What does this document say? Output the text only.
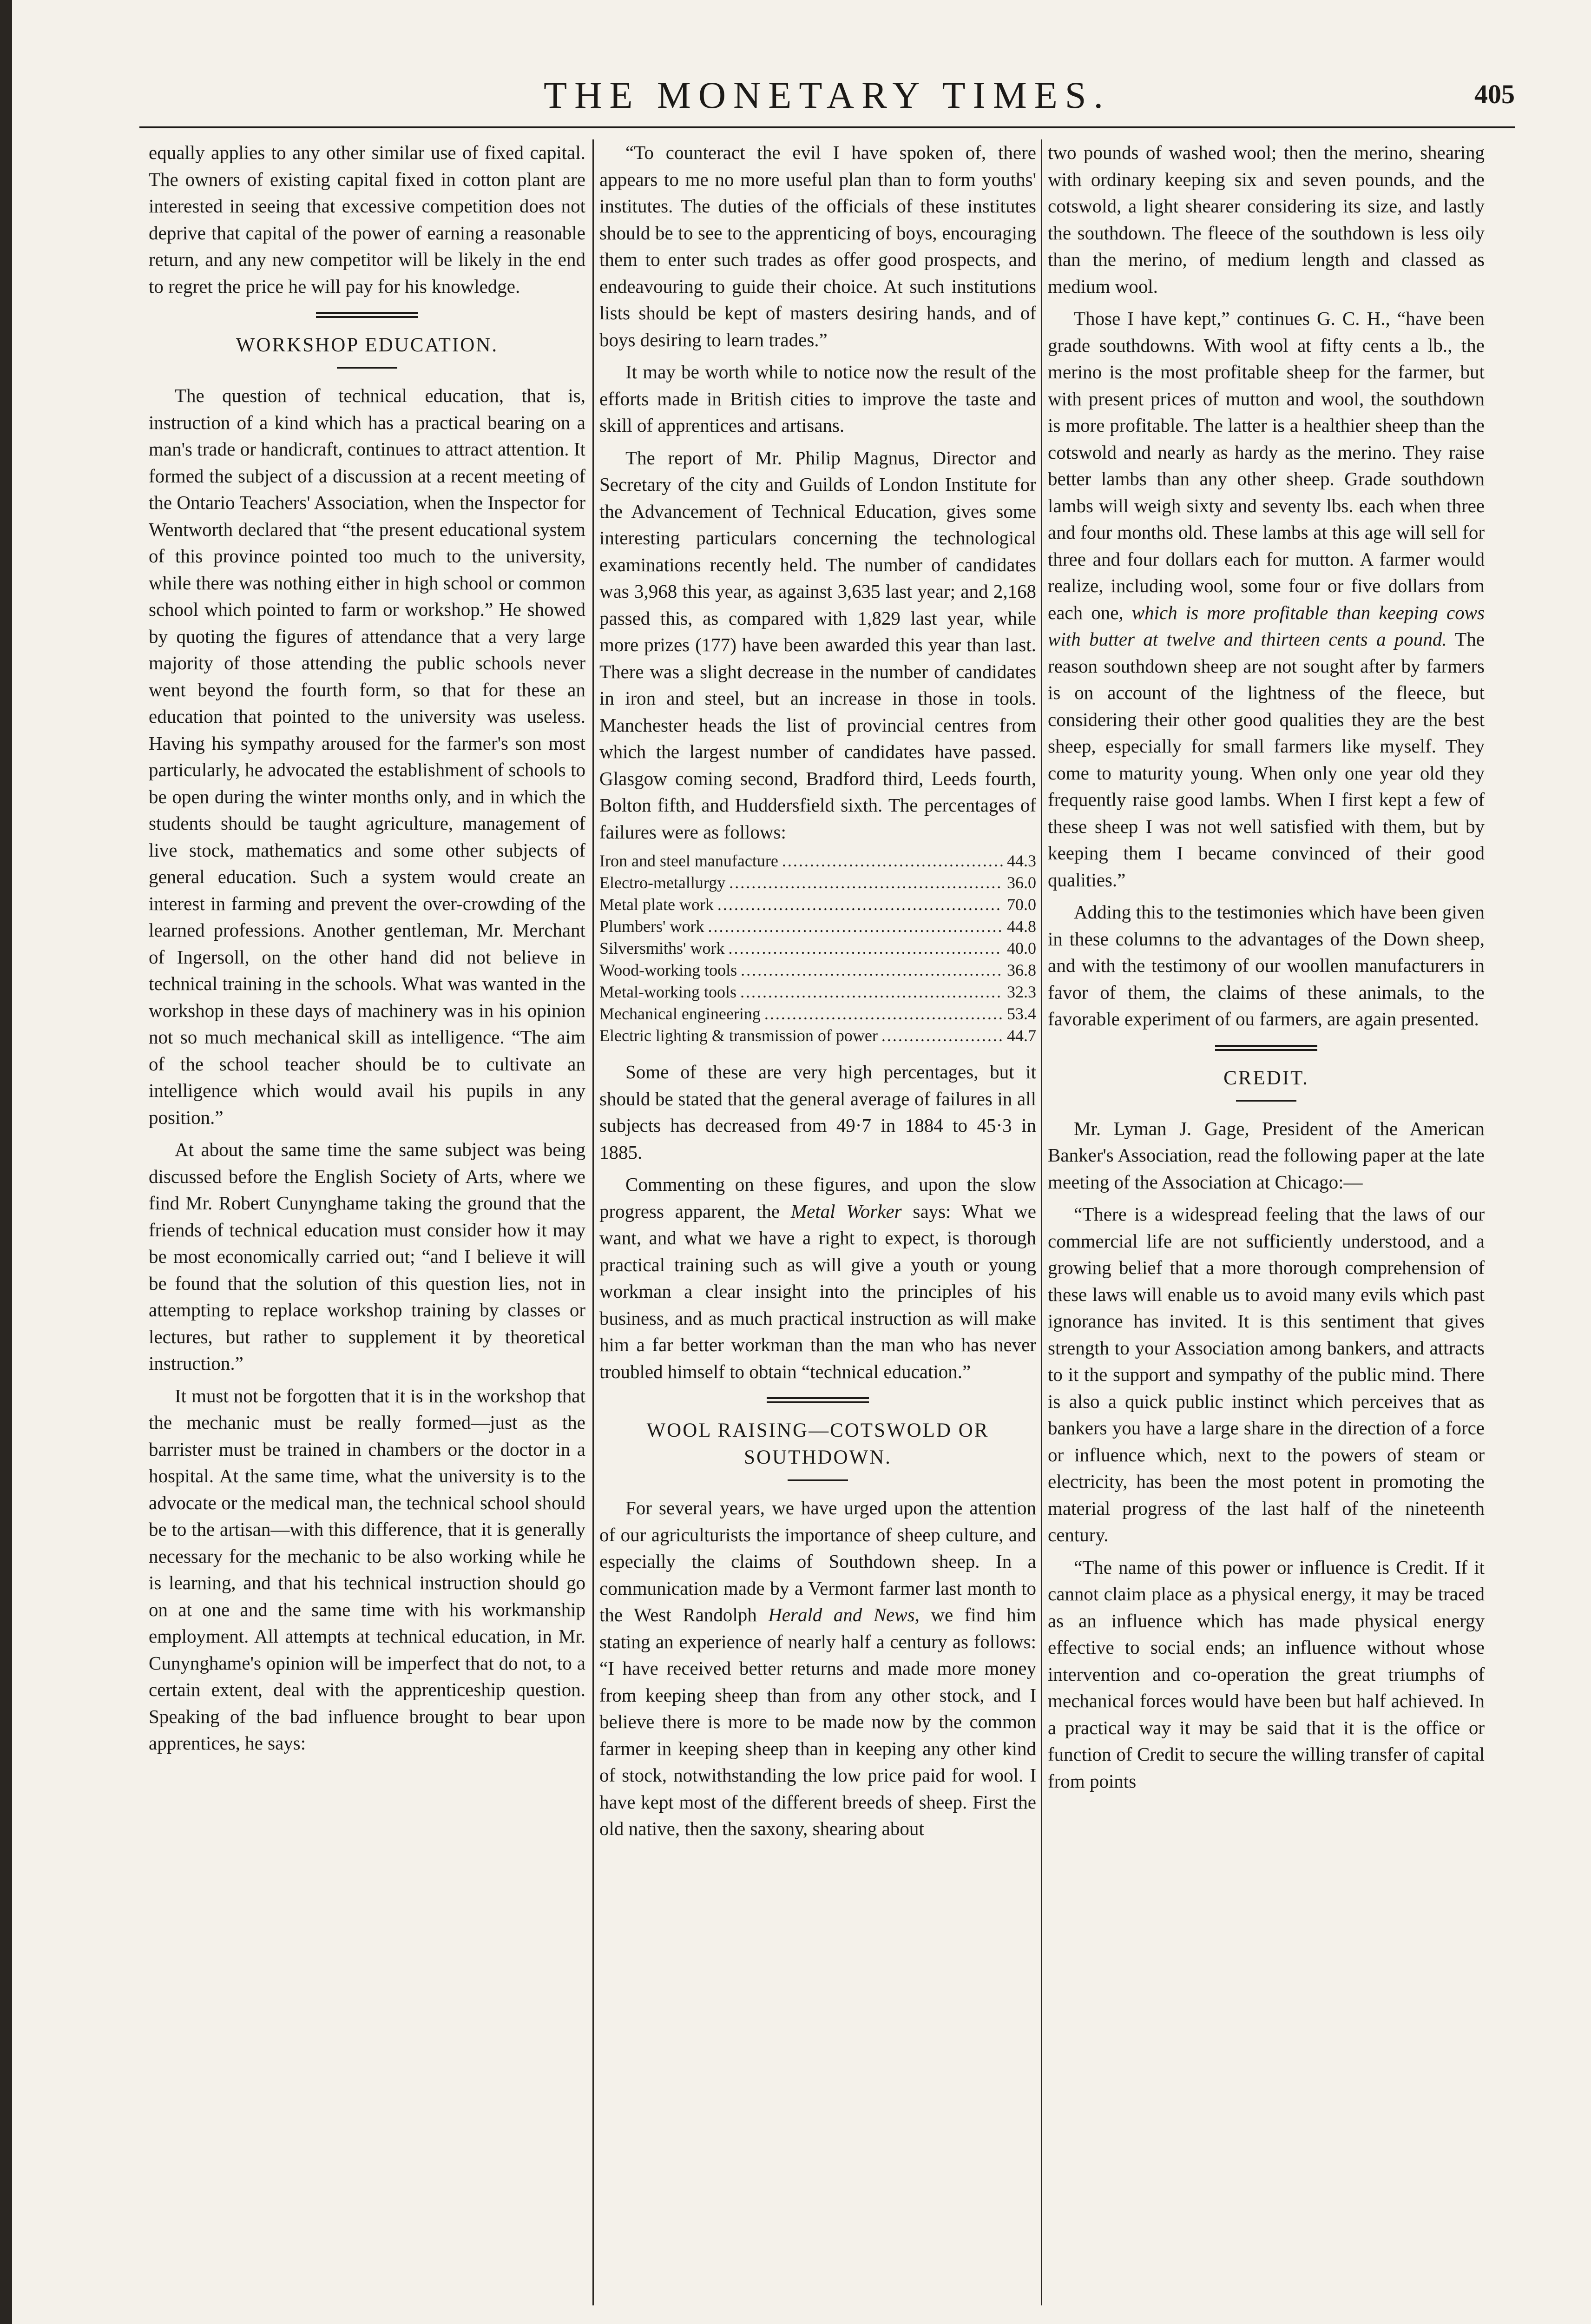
THE MONETARY TIMES.	405

equally applies to any other similar use of fixed capital. The owners of existing capital fixed in cotton plant are interested in seeing that excessive competition does not deprive that capital of the power of earning a reasonable return, and any new competitor will be likely in the end to regret the price he will pay for his knowledge.

WORKSHOP EDUCATION.

The question of technical education, that is, instruction of a kind which has a practical bearing on a man's trade or handicraft, continues to attract attention. It formed the subject of a discussion at a recent meeting of the Ontario Teachers' Association, when the Inspector for Wentworth declared that “the present educational system of this province pointed too much to the university, while there was nothing either in high school or common school which pointed to farm or workshop.” He showed by quoting the figures of attendance that a very large majority of those attending the public schools never went beyond the fourth form, so that for these an education that pointed to the university was useless. Having his sympathy aroused for the farmer's son most particularly, he advocated the establishment of schools to be open during the winter months only, and in which the students should be taught agriculture, management of live stock, mathematics and some other subjects of general education. Such a system would create an interest in farming and prevent the over-crowding of the learned professions. Another gentleman, Mr. Merchant of Ingersoll, on the other hand did not believe in technical training in the schools. What was wanted in the workshop in these days of machinery was in his opinion not so much mechanical skill as intelligence. “The aim of the school teacher should be to cultivate an intelligence which would avail his pupils in any position.”

At about the same time the same subject was being discussed before the English Society of Arts, where we find Mr. Robert Cunynghame taking the ground that the friends of technical education must consider how it may be most economically carried out; “and I believe it will be found that the solution of this question lies, not in attempting to replace workshop training by classes or lectures, but rather to supplement it by theoretical instruction.”

It must not be forgotten that it is in the workshop that the mechanic must be really formed—just as the barrister must be trained in chambers or the doctor in a hospital. At the same time, what the university is to the advocate or the medical man, the technical school should be to the artisan—with this difference, that it is generally necessary for the mechanic to be also working while he is learning, and that his technical instruction should go on at one and the same time with his workmanship employment. All attempts at technical education, in Mr. Cunynghame's opinion will be imperfect that do not, to a certain extent, deal with the apprenticeship question. Speaking of the bad influence brought to bear upon apprentices, he says:

“To counteract the evil I have spoken of, there appears to me no more useful plan than to form youths' institutes. The duties of the officials of these institutes should be to see to the apprenticing of boys, encouraging them to enter such trades as offer good prospects, and endeavouring to guide their choice. At such institutions lists should be kept of masters desiring hands, and of boys desiring to learn trades.”

It may be worth while to notice now the result of the efforts made in British cities to improve the taste and skill of apprentices and artisans.

The report of Mr. Philip Magnus, Director and Secretary of the city and Guilds of London Institute for the Advancement of Technical Education, gives some interesting particulars concerning the technological examinations recently held. The number of candidates was 3,968 this year, as against 3,635 last year; and 2,168 passed this, as compared with 1,829 last year, while more prizes (177) have been awarded this year than last. There was a slight decrease in the number of candidates in iron and steel, but an increase in those in tools. Manchester heads the list of provincial centres from which the largest number of candidates have passed. Glasgow coming second, Bradford third, Leeds fourth, Bolton fifth, and Huddersfield sixth. The percentages of failures were as follows:

Iron and steel manufacture .....	44.3
Electro-metallurgy .....	36.0
Metal plate work .....	70.0
Plumbers' work .....	44.8
Silversmiths' work .....	40.0
Wood-working tools .....	36.8
Metal-working tools .....	32.3
Mechanical engineering .....	53.4
Electric lighting & transmission of power .....	44.7

Some of these are very high percentages, but it should be stated that the general average of failures in all subjects has decreased from 49·7 in 1884 to 45·3 in 1885.

Commenting on these figures, and upon the slow progress apparent, the Metal Worker says: What we want, and what we have a right to expect, is thorough practical training such as will give a youth or young workman a clear insight into the principles of his business, and as much practical instruction as will make him a far better workman than the man who has never troubled himself to obtain “technical education.”

WOOL RAISING—COTSWOLD OR SOUTHDOWN.

For several years, we have urged upon the attention of our agriculturists the importance of sheep culture, and especially the claims of Southdown sheep. In a communication made by a Vermont farmer last month to the West Randolph Herald and News, we find him stating an experience of nearly half a century as follows: “I have received better returns and made more money from keeping sheep than from any other stock, and I believe there is more to be made now by the common farmer in keeping sheep than in keeping any other kind of stock, notwithstanding the low price paid for wool. I have kept most of the different breeds of sheep. First the old native, then the saxony, shearing about

two pounds of washed wool; then the merino, shearing with ordinary keeping six and seven pounds, and the cotswold, a light shearer considering its size, and lastly the southdown. The fleece of the southdown is less oily than the merino, of medium length and classed as medium wool.

Those I have kept,” continues G. C. H., “have been grade southdowns. With wool at fifty cents a lb., the merino is the most profitable sheep for the farmer, but with present prices of mutton and wool, the southdown is more profitable. The latter is a healthier sheep than the cotswold and nearly as hardy as the merino. They raise better lambs than any other sheep. Grade southdown lambs will weigh sixty and seventy lbs. each when three and four months old. These lambs at this age will sell for three and four dollars each for mutton. A farmer would realize, including wool, some four or five dollars from each one, which is more profitable than keeping cows with butter at twelve and thirteen cents a pound. The reason southdown sheep are not sought after by farmers is on account of the lightness of the fleece, but considering their other good qualities they are the best sheep, especially for small farmers like myself. They come to maturity young. When only one year old they frequently raise good lambs. When I first kept a few of these sheep I was not well satisfied with them, but by keeping them I became convinced of their good qualities.”

Adding this to the testimonies which have been given in these columns to the advantages of the Down sheep, and with the testimony of our woollen manufacturers in favor of them, the claims of these animals, to the favorable experiment of ou farmers, are again presented.

CREDIT.

Mr. Lyman J. Gage, President of the American Banker's Association, read the following paper at the late meeting of the Association at Chicago:—

“There is a widespread feeling that the laws of our commercial life are not sufficiently understood, and a growing belief that a more thorough comprehension of these laws will enable us to avoid many evils which past ignorance has invited. It is this sentiment that gives strength to your Association among bankers, and attracts to it the support and sympathy of the public mind. There is also a quick public instinct which perceives that as bankers you have a large share in the direction of a force or influence which, next to the powers of steam or electricity, has been the most potent in promoting the material progress of the last half of the nineteenth century.

“The name of this power or influence is Credit. If it cannot claim place as a physical energy, it may be traced as an influence which has made physical energy effective to social ends; an influence without whose intervention and co-operation the great triumphs of mechanical forces would have been but half achieved. In a practical way it may be said that it is the office or function of Credit to secure the willing transfer of capital from points
